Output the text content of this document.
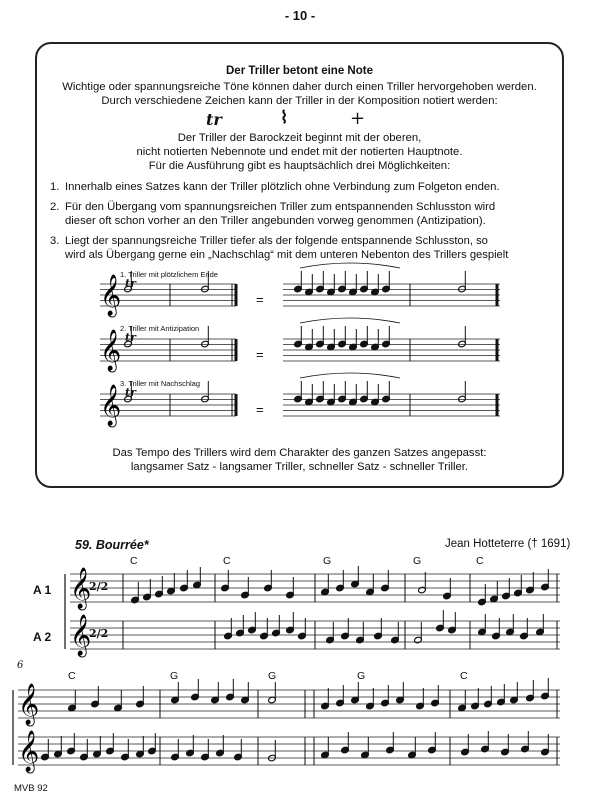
- 10 -
Der Triller betont eine Note
Wichtige oder spannungsreiche Töne können daher durch einen Triller hervorgehoben werden.
Durch verschiedene Zeichen kann der Triller in der Komposition notiert werden:
tr	⌇	+
Der Triller der Barockzeit beginnt mit der oberen,
nicht notierten Nebennote und endet mit der notierten Hauptnote.
Für die Ausführung gibt es hauptsächlich drei Möglichkeiten:
1. Innerhalb eines Satzes kann der Triller plötzlich ohne Verbindung zum Folgeton enden.
2. Für den Übergang vom spannungsreichen Triller zum entspannenden Schlusston wird
dieser oft schon vorher an den Triller angebunden vorweg genommen (Antizipation).
3. Liegt der spannungsreiche Triller tiefer als der folgende entspannende Schlusston, so
wird als Übergang gerne ein „Nachschlag“ mit dem unteren Nebenton des Trillers gespielt
1. Triller mit plötzlichem Ende
2. Triller mit Antizipation
3. Triller mit Nachschlag
=
=
=
tr
tr
tr
Das Tempo des Trillers wird dem Charakter des ganzen Satzes angepasst:
langsamer Satz - langsamer Triller, schneller Satz - schneller Triller.
𝄞
𝄞
𝄞
𝄞
𝄞
𝄞
𝄞
59. Bourrée*	Jean Hotteterre († 1691)
A 1
A 2
C	C	G	G	C
6
C	G	G	G	C
2/2
2/2
MVB 92
